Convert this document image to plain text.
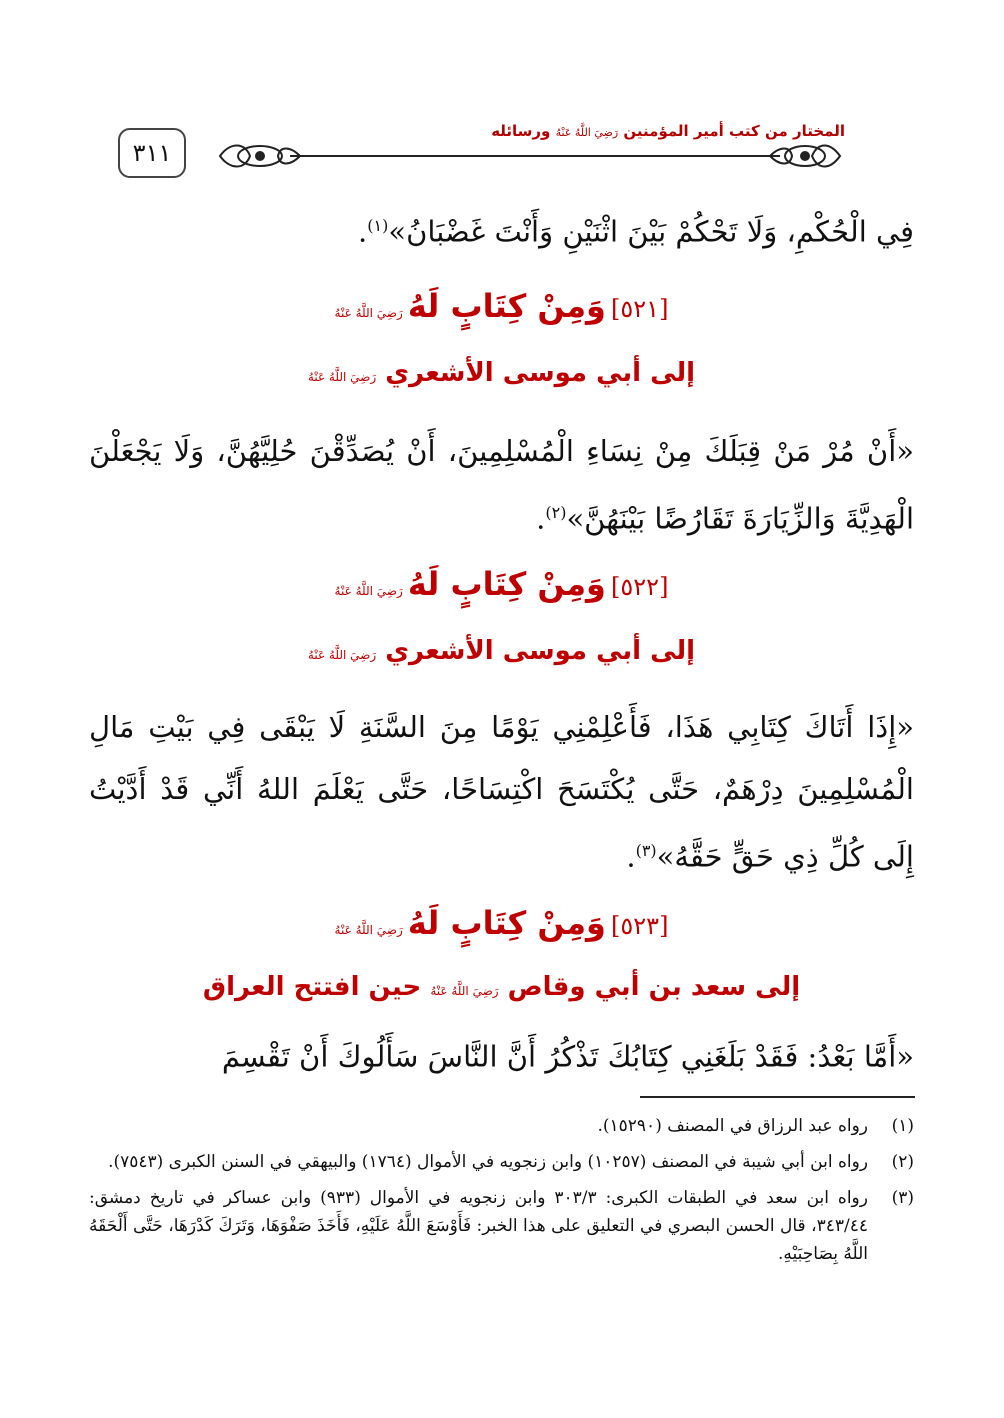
٣١١
المختار من كتب أمير المؤمنين رَضِيَ اللَّهُ عَنْهُ ورسائله

فِي الْحُكْمِ، وَلَا تَحْكُمْ بَيْنَ اثْنَيْنِ وَأَنْتَ غَضْبَانُ»$^{(١)}$.

[٥٢١] وَمِنْ كِتَابٍ لَهُ رَضِيَ اللَّهُ عَنْهُ
إلى أبي موسى الأشعري رَضِيَ اللَّهُ عَنْهُ

«أَنْ مُرْ مَنْ قِبَلَكَ مِنْ نِسَاءِ الْمُسْلِمِينَ، أَنْ يُصَدِّقْنَ حُلِيَّهُنَّ، وَلَا يَجْعَلْنَ الْهَدِيَّةَ وَالزِّيَارَةَ تَقَارُضًا بَيْنَهُنَّ»$^{(٢)}$.

[٥٢٢] وَمِنْ كِتَابٍ لَهُ رَضِيَ اللَّهُ عَنْهُ
إلى أبي موسى الأشعري رَضِيَ اللَّهُ عَنْهُ

«إِذَا أَتَاكَ كِتَابِي هَذَا، فَأَعْلِمْنِي يَوْمًا مِنَ السَّنَةِ لَا يَبْقَى فِي بَيْتِ مَالِ الْمُسْلِمِينَ دِرْهَمٌ، حَتَّى يُكْتَسَحَ اكْتِسَاحًا، حَتَّى يَعْلَمَ اللهُ أَنِّي قَدْ أَدَّيْتُ إِلَى كُلِّ ذِي حَقٍّ حَقَّهُ»$^{(٣)}$.

[٥٢٣] وَمِنْ كِتَابٍ لَهُ رَضِيَ اللَّهُ عَنْهُ
إلى سعد بن أبي وقاص رَضِيَ اللَّهُ عَنْهُ حين افتتح العراق

«أَمَّا بَعْدُ: فَقَدْ بَلَغَنِي كِتَابُكَ تَذْكُرُ أَنَّ النَّاسَ سَأَلُوكَ أَنْ تَقْسِمَ

(١)
رواه عبد الرزاق في المصنف (١٥٢٩٠).
(٢)
رواه ابن أبي شيبة في المصنف (١٠٢٥٧) وابن زنجويه في الأموال (١٧٦٤) والبيهقي في السنن الكبرى (٧٥٤٣).
(٣)
رواه ابن سعد في الطبقات الكبرى: ٣٠٣/٣ وابن زنجويه في الأموال (٩٣٣) وابن عساكر في تاريخ دمشق: ٣٤٣/٤٤، قال الحسن البصري في التعليق على هذا الخبر: فَأَوْسَعَ اللَّهُ عَلَيْهِ، فَأَخَذَ صَفْوَهَا، وَتَرَكَ كَدْرَهَا، حَتَّى أَلْحَقَهُ اللَّهُ بِصَاحِبَيْهِ.
